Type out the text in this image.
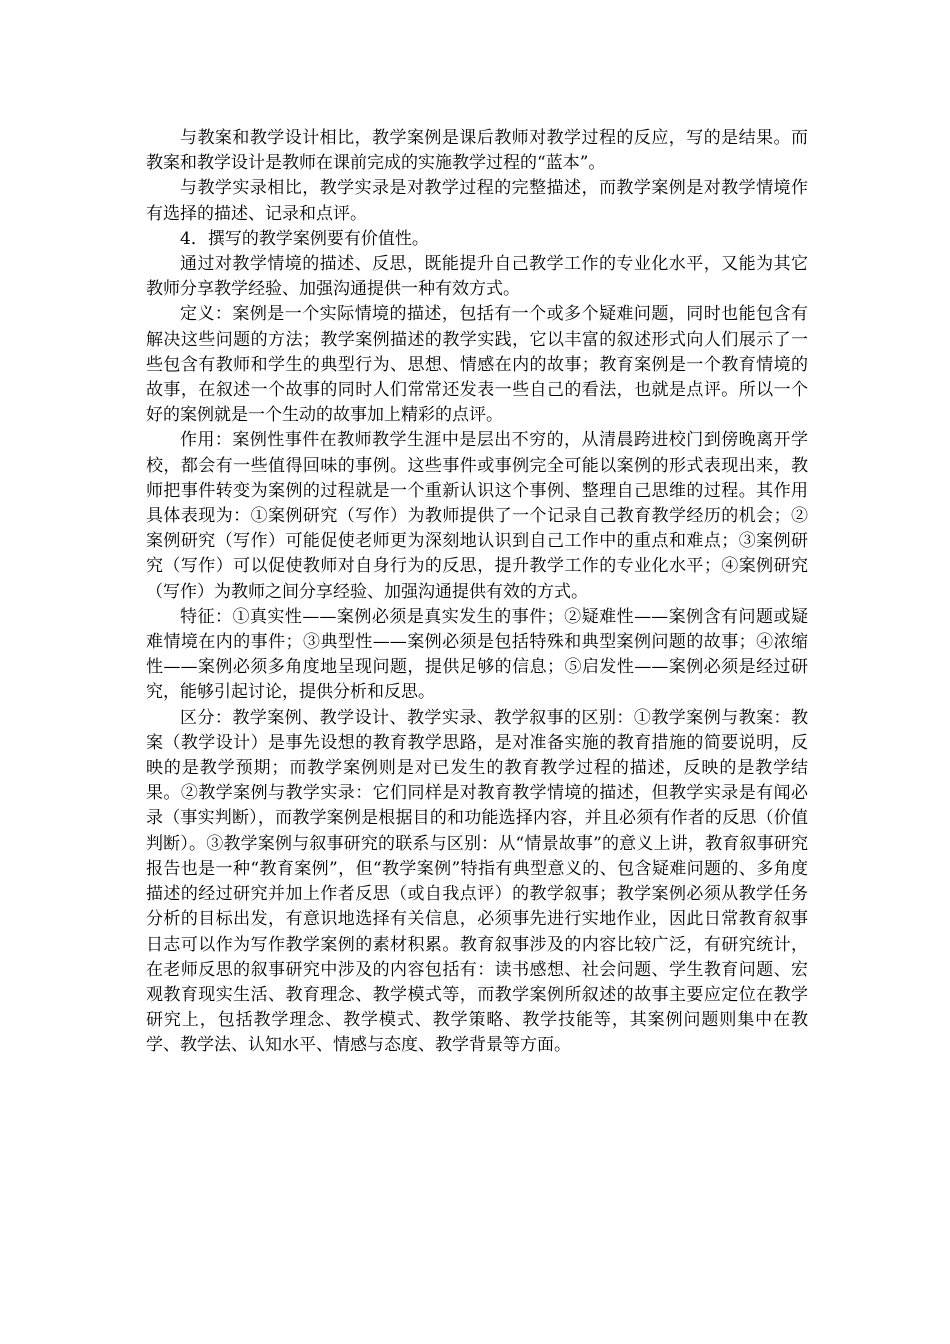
与教案和教学设计相比，教学案例是课后教师对教学过程的反应，写的是结果。而教案和教学设计是教师在课前完成的实施教学过程的“蓝本”。

与教学实录相比，教学实录是对教学过程的完整描述，而教学案例是对教学情境作有选择的描述、记录和点评。

4．撰写的教学案例要有价值性。

通过对教学情境的描述、反思，既能提升自己教学工作的专业化水平，又能为其它教师分享教学经验、加强沟通提供一种有效方式。

定义：案例是一个实际情境的描述，包括有一个或多个疑难问题，同时也能包含有解决这些问题的方法；教学案例描述的教学实践，它以丰富的叙述形式向人们展示了一些包含有教师和学生的典型行为、思想、情感在内的故事；教育案例是一个教育情境的故事，在叙述一个故事的同时人们常常还发表一些自己的看法，也就是点评。所以一个好的案例就是一个生动的故事加上精彩的点评。

作用：案例性事件在教师教学生涯中是层出不穷的，从清晨跨进校门到傍晚离开学校，都会有一些值得回味的事例。这些事件或事例完全可能以案例的形式表现出来，教师把事件转变为案例的过程就是一个重新认识这个事例、整理自己思维的过程。其作用具体表现为：①案例研究（写作）为教师提供了一个记录自己教育教学经历的机会；②案例研究（写作）可能促使老师更为深刻地认识到自己工作中的重点和难点；③案例研究（写作）可以促使教师对自身行为的反思，提升教学工作的专业化水平；④案例研究（写作）为教师之间分享经验、加强沟通提供有效的方式。

特征：①真实性——案例必须是真实发生的事件；②疑难性——案例含有问题或疑难情境在内的事件；③典型性——案例必须是包括特殊和典型案例问题的故事；④浓缩性——案例必须多角度地呈现问题，提供足够的信息；⑤启发性——案例必须是经过研究，能够引起讨论，提供分析和反思。

区分：教学案例、教学设计、教学实录、教学叙事的区别：①教学案例与教案：教案（教学设计）是事先设想的教育教学思路，是对准备实施的教育措施的简要说明，反映的是教学预期；而教学案例则是对已发生的教育教学过程的描述，反映的是教学结果。②教学案例与教学实录：它们同样是对教育教学情境的描述，但教学实录是有闻必录（事实判断），而教学案例是根据目的和功能选择内容，并且必须有作者的反思（价值判断）。③教学案例与叙事研究的联系与区别：从“情景故事”的意义上讲，教育叙事研究报告也是一种“教育案例”，但“教学案例”特指有典型意义的、包含疑难问题的、多角度描述的经过研究并加上作者反思（或自我点评）的教学叙事；教学案例必须从教学任务分析的目标出发，有意识地选择有关信息，必须事先进行实地作业，因此日常教育叙事日志可以作为写作教学案例的素材积累。教育叙事涉及的内容比较广泛，有研究统计，在老师反思的叙事研究中涉及的内容包括有：读书感想、社会问题、学生教育问题、宏观教育现实生活、教育理念、教学模式等，而教学案例所叙述的故事主要应定位在教学研究上，包括教学理念、教学模式、教学策略、教学技能等，其案例问题则集中在教学、教学法、认知水平、情感与态度、教学背景等方面。
